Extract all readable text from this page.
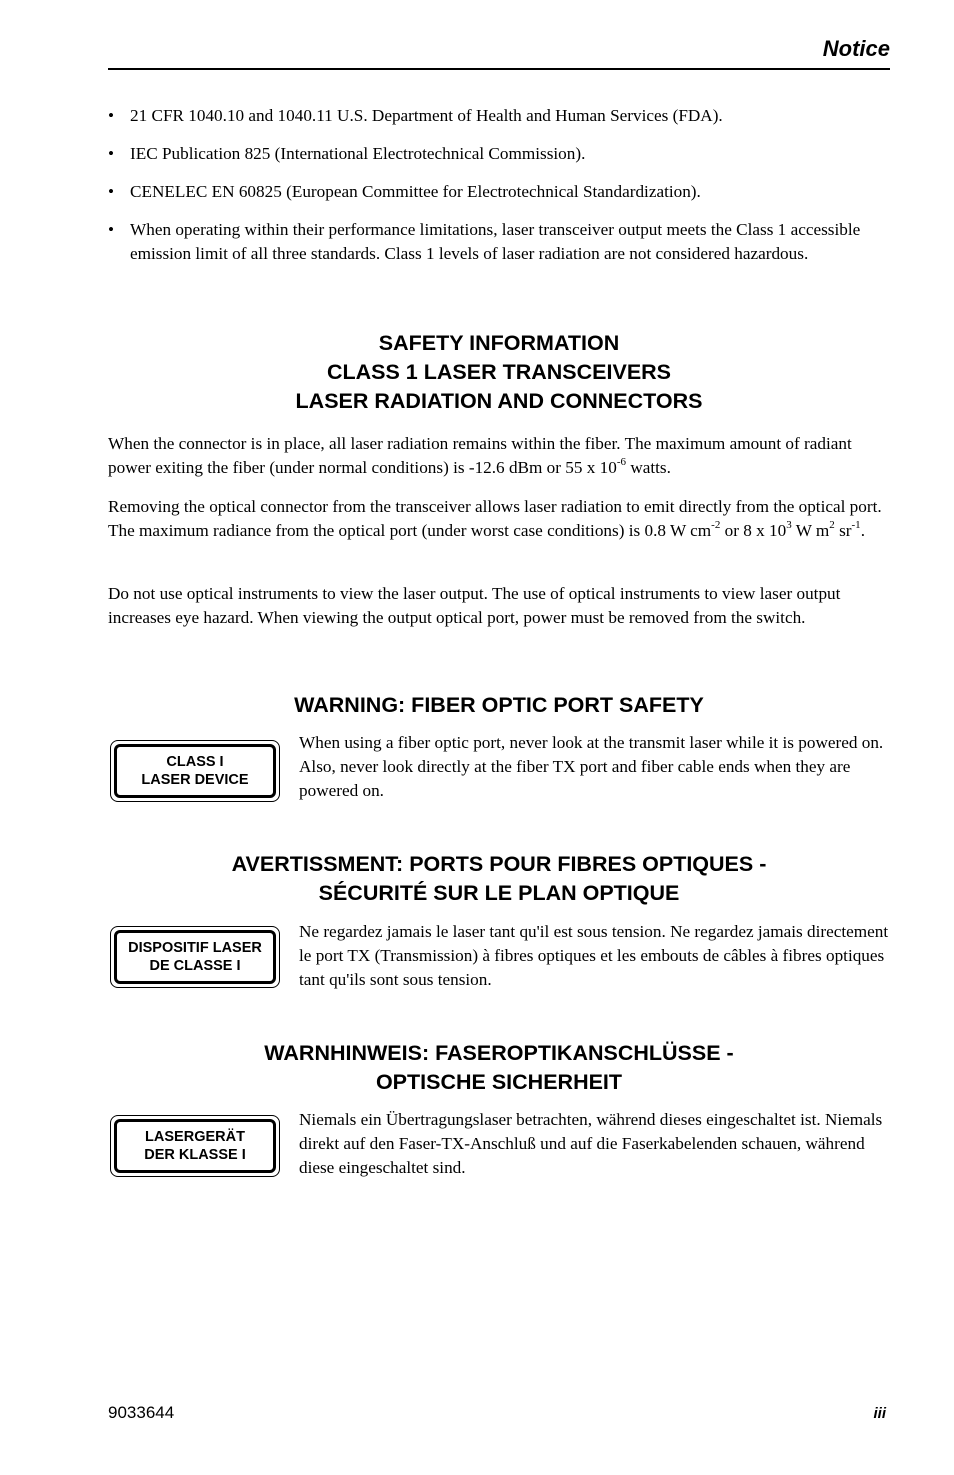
Notice
• 21 CFR 1040.10 and 1040.11 U.S. Department of Health and Human Services (FDA).
• IEC Publication 825 (International Electrotechnical Commission).
• CENELEC EN 60825 (European Committee for Electrotechnical Standardization).
• When operating within their performance limitations, laser transceiver output meets the Class 1 accessible emission limit of all three standards. Class 1 levels of laser radiation are not considered hazardous.
SAFETY INFORMATION
CLASS 1 LASER TRANSCEIVERS
LASER RADIATION AND CONNECTORS

When the connector is in place, all laser radiation remains within the fiber. The maximum amount of radiant power exiting the fiber (under normal conditions) is -12.6 dBm or 55 x $10^{-6}$ watts.

Removing the optical connector from the transceiver allows laser radiation to emit directly from the optical port. The maximum radiance from the optical port (under worst case conditions) is 0.8 W $cm^{-2}$ or 8 x $10^3$ W $m^2$ $sr^{-1}$.

Do not use optical instruments to view the laser output. The use of optical instruments to view laser output increases eye hazard. When viewing the output optical port, power must be removed from the switch.

WARNING: FIBER OPTIC PORT SAFETY
CLASS I
LASER DEVICE

When using a fiber optic port, never look at the transmit laser while it is powered on. Also, never look directly at the fiber TX port and fiber cable ends when they are powered on.

AVERTISSMENT: PORTS POUR FIBRES OPTIQUES -
SÉCURITÉ SUR LE PLAN OPTIQUE
DISPOSITIF LASER
DE CLASSE I

Ne regardez jamais le laser tant qu'il est sous tension. Ne regardez jamais directement le port TX (Transmission) à fibres optiques et les embouts de câbles à fibres optiques tant qu'ils sont sous tension.

WARNHINWEIS: FASEROPTIKANSCHLÜSSE -
OPTISCHE SICHERHEIT
LASERGERÄT
DER KLASSE I

Niemals ein Übertragungslaser betrachten, während dieses eingeschaltet ist. Niemals direkt auf den Faser-TX-Anschluß und auf die Faserkabelenden schauen, während diese eingeschaltet sind.

9033644	iii
